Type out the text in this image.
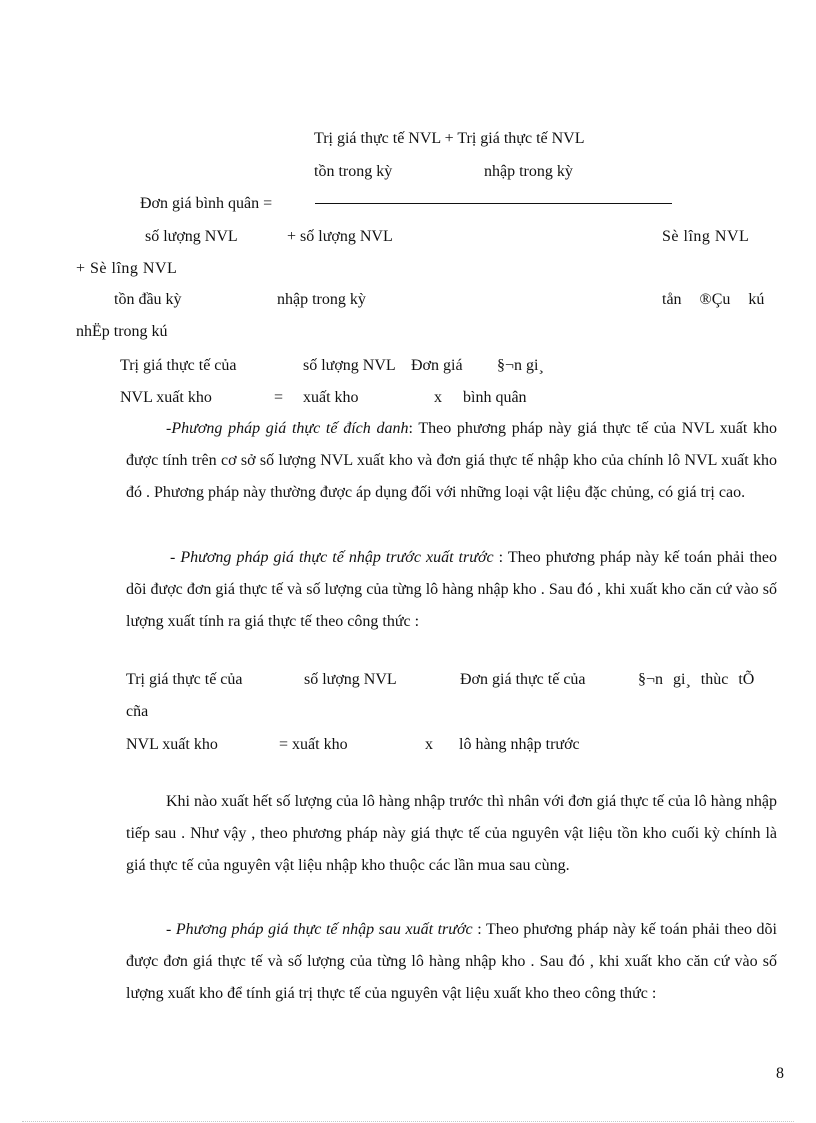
Trị giá thực tế NVL + Trị giá thực tế NVL
tồn trong kỳ	nhập trong kỳ
Đơn giá bình quân =
số lượng NVL	+ số lượng NVL	Sè lîng NVL
+ Sè lîng NVL
tồn đầu kỳ	nhập trong kỳ	tån ®Çu kú
nhËp trong kú
Trị giá thực tế của	số lượng NVL Đơn giá §¬n gi¸
NVL xuất kho	= xuất kho	x bình quân

-Phương pháp giá thực tế đích danh: Theo phương pháp này giá thực tế của NVL xuất kho được tính trên cơ sở số lượng NVL xuất kho và đơn giá thực tế nhập kho của chính lô NVL xuất kho đó . Phương pháp này thường được áp dụng đối với những loại vật liệu đặc chủng, có giá trị cao.

- Phương pháp giá thực tế nhập trước xuất trước : Theo phương pháp này kế toán phải theo dõi được đơn giá thực tế và số lượng của từng lô hàng nhập kho . Sau đó , khi xuất kho căn cứ vào số lượng xuất tính ra giá thực tế theo công thức :

Trị giá thực tế của	số lượng NVL	Đơn giá thực tế của	§¬n gi¸ thùc tÕ
cña
NVL xuất kho	= xuất kho	x lô hàng nhập trước

Khi nào xuất hết số lượng của lô hàng nhập trước thì nhân với đơn giá thực tế của lô hàng nhập tiếp sau . Như vậy , theo phương pháp này giá thực tế của nguyên vật liệu tồn kho cuối kỳ chính là giá thực tế của nguyên vật liệu nhập kho thuộc các lần mua sau cùng.

- Phương pháp giá thực tế nhập sau xuất trước : Theo phương pháp này kế toán phải theo dõi được đơn giá thực tế và số lượng của từng lô hàng nhập kho . Sau đó , khi xuất kho căn cứ vào số lượng xuất kho để tính giá trị thực tế của nguyên vật liệu xuất kho theo công thức :

8
